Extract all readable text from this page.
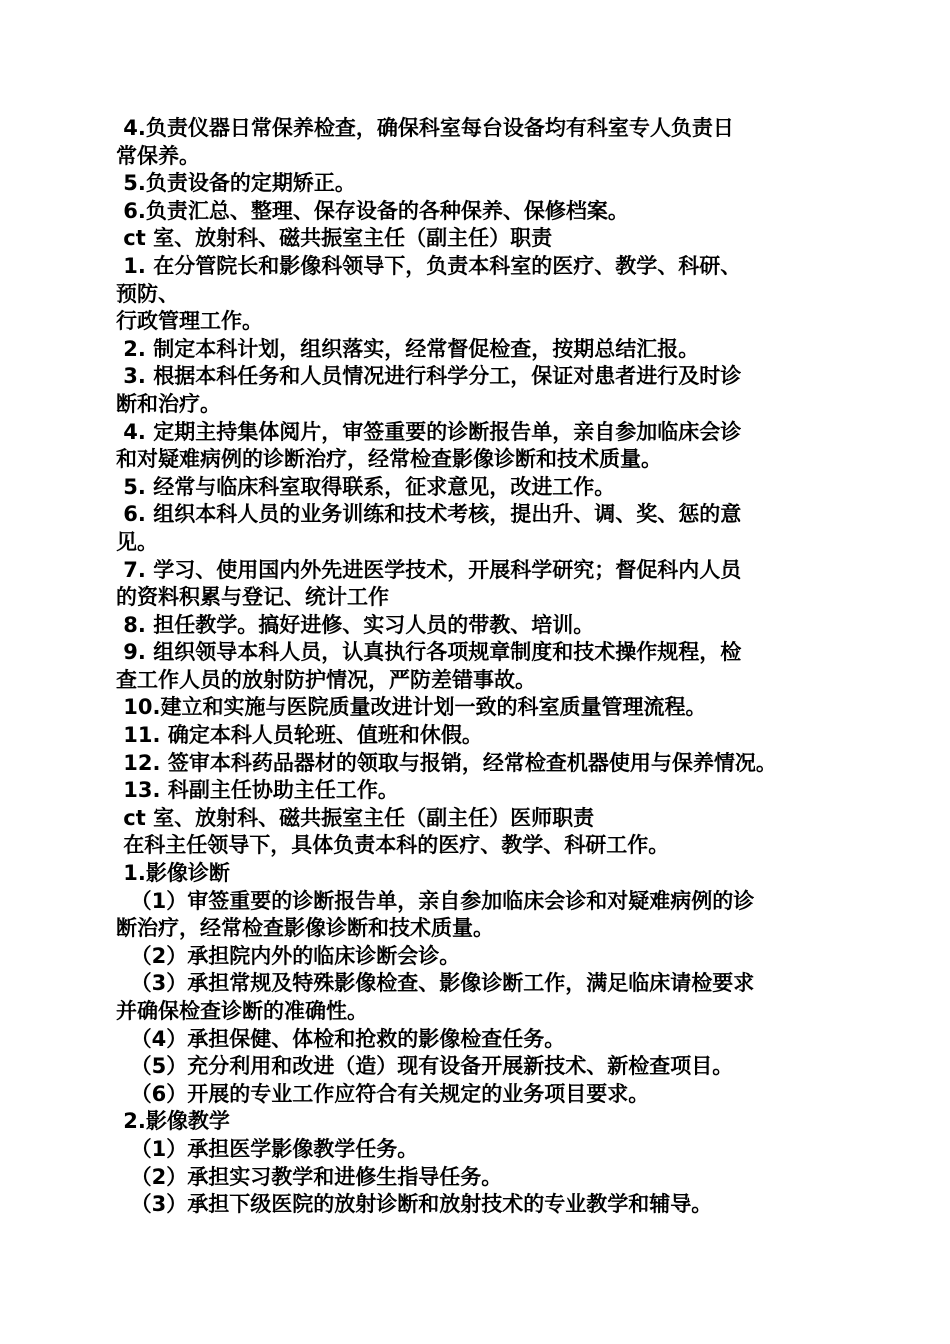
4.负责仪器日常保养检查，确保科室每台设备均有科室专人负责日

常保养。

5.负责设备的定期矫正。

6.负责汇总、整理、保存设备的各种保养、保修档案。

ct 室、放射科、磁共振室主任（副主任）职责

1. 在分管院长和影像科领导下，负责本科室的医疗、教学、科研、

预防、

行政管理工作。

2. 制定本科计划，组织落实，经常督促检查，按期总结汇报。

3. 根据本科任务和人员情况进行科学分工，保证对患者进行及时诊

断和治疗。

4. 定期主持集体阅片，审签重要的诊断报告单，亲自参加临床会诊

和对疑难病例的诊断治疗，经常检查影像诊断和技术质量。

5. 经常与临床科室取得联系，征求意见，改进工作。

6. 组织本科人员的业务训练和技术考核，提出升、调、奖、惩的意

见。

7. 学习、使用国内外先进医学技术，开展科学研究；督促科内人员

的资料积累与登记、统计工作

8. 担任教学。搞好进修、实习人员的带教、培训。

9. 组织领导本科人员，认真执行各项规章制度和技术操作规程，检

查工作人员的放射防护情况，严防差错事故。

10.建立和实施与医院质量改进计划一致的科室质量管理流程。

11. 确定本科人员轮班、值班和休假。

12. 签审本科药品器材的领取与报销，经常检查机器使用与保养情况。

13. 科副主任协助主任工作。

ct 室、放射科、磁共振室主任（副主任）医师职责

在科主任领导下，具体负责本科的医疗、教学、科研工作。

1.影像诊断

（1）审签重要的诊断报告单，亲自参加临床会诊和对疑难病例的诊

断治疗，经常检查影像诊断和技术质量。

（2）承担院内外的临床诊断会诊。

（3）承担常规及特殊影像检查、影像诊断工作，满足临床请检要求

并确保检查诊断的准确性。

（4）承担保健、体检和抢救的影像检查任务。

（5）充分利用和改进（造）现有设备开展新技术、新检查项目。

（6）开展的专业工作应符合有关规定的业务项目要求。

2.影像教学

（1）承担医学影像教学任务。

（2）承担实习教学和进修生指导任务。

（3）承担下级医院的放射诊断和放射技术的专业教学和辅导。
